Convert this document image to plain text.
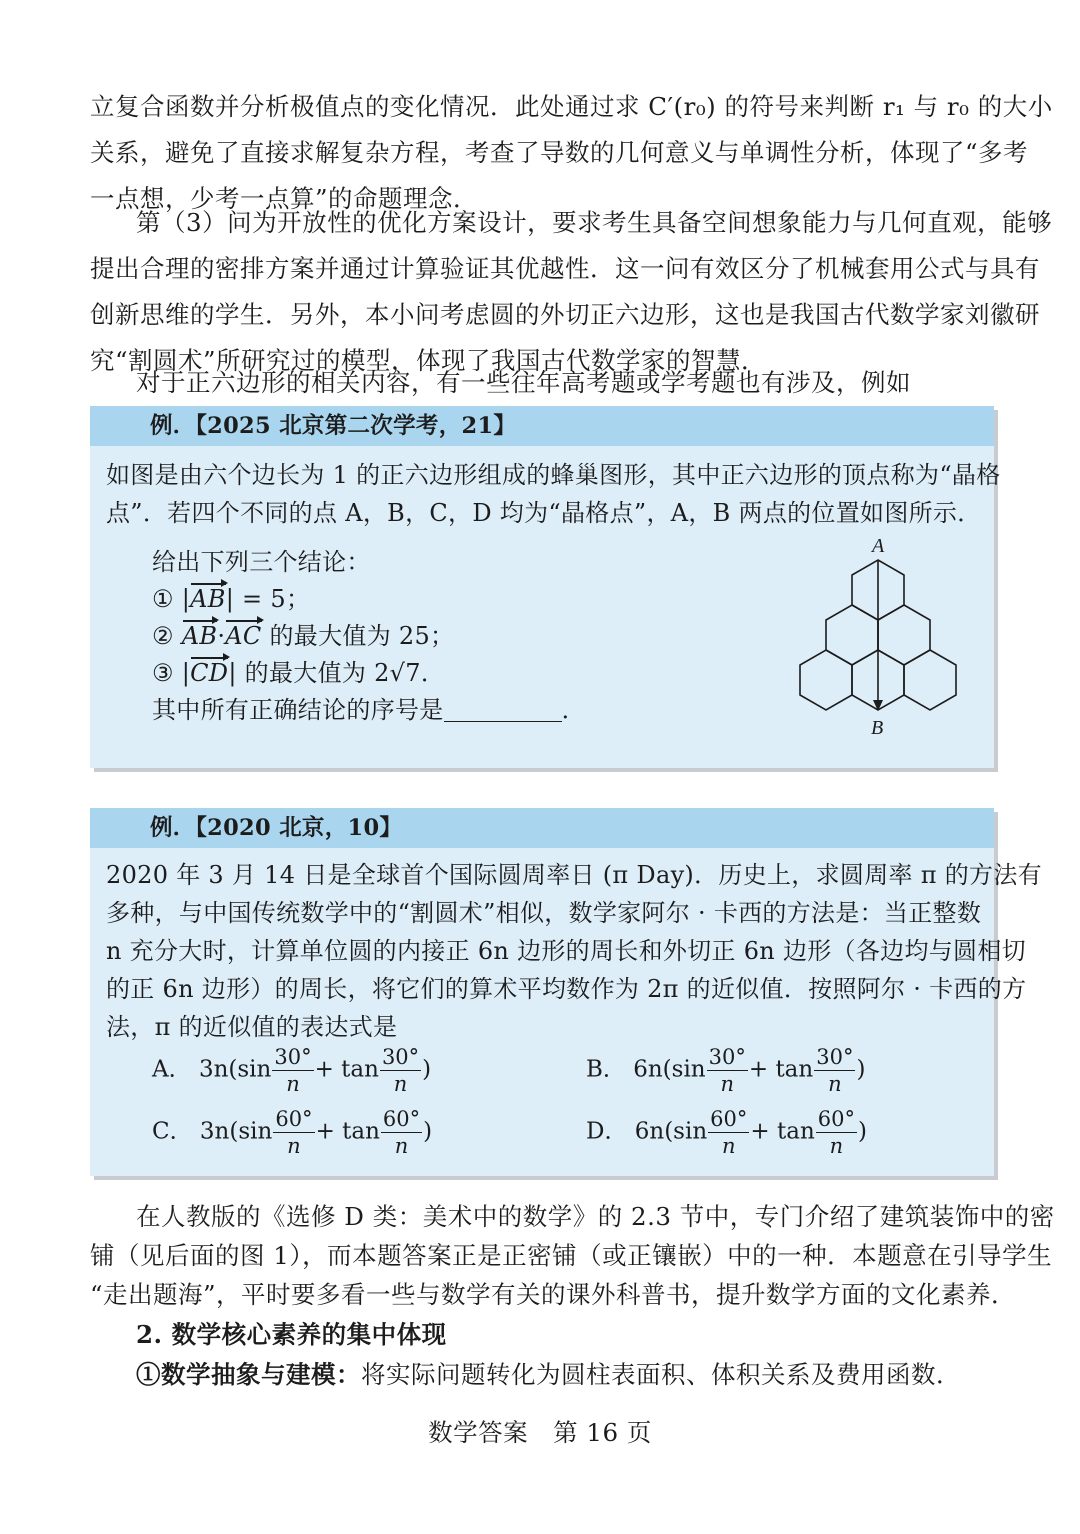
立复合函数并分析极值点的变化情况．此处通过求 C′(r₀) 的符号来判断 r₁ 与 r₀ 的大小
关系，避免了直接求解复杂方程，考查了导数的几何意义与单调性分析，体现了“多考
一点想，少考一点算”的命题理念．
第（3）问为开放性的优化方案设计，要求考生具备空间想象能力与几何直观，能够
提出合理的密排方案并通过计算验证其优越性．这一问有效区分了机械套用公式与具有
创新思维的学生．另外，本小问考虑圆的外切正六边形，这也是我国古代数学家刘徽研
究“割圆术”所研究过的模型，体现了我国古代数学家的智慧．
对于正六边形的相关内容，有一些往年高考题或学考题也有涉及，例如
例．【2025 北京第二次学考，21】
如图是由六个边长为 1 的正六边形组成的蜂巢图形，其中正六边形的顶点称为“晶格
点”．若四个不同的点 A，B，C，D 均为“晶格点”，A，B 两点的位置如图所示．
给出下列三个结论：
① |AB| = 5；
② AB·AC 的最大值为 25；
③ |CD| 的最大值为 2√7．
其中所有正确结论的序号是	．
A
B
例．【2020 北京，10】
2020 年 3 月 14 日是全球首个国际圆周率日 (π Day)．历史上，求圆周率 π 的方法有
多种，与中国传统数学中的“割圆术”相似，数学家阿尔 · 卡西的方法是：当正整数
n 充分大时，计算单位圆的内接正 6n 边形的周长和外切正 6n 边形（各边均与圆相切
的正 6n 边形）的周长，将它们的算术平均数作为 2π 的近似值．按照阿尔 · 卡西的方
法，π 的近似值的表达式是
A． $3n(\sin \frac{30^\circ}{n} + \tan \frac{30^\circ}{n}$ )	B． $6n(\sin \frac{30^\circ}{n} + \tan \frac{30^\circ}{n}$ )
C． $3n(\sin \frac{60^\circ}{n} + \tan \frac{60^\circ}{n}$ )	D． $6n(\sin \frac{60^\circ}{n} + \tan \frac{60^\circ}{n}$ )
在人教版的《选修 D 类：美术中的数学》的 2.3 节中，专门介绍了建筑装饰中的密
铺（见后面的图 1），而本题答案正是正密铺（或正镶嵌）中的一种．本题意在引导学生
“走出题海”，平时要多看一些与数学有关的课外科普书，提升数学方面的文化素养．
2. 数学核心素养的集中体现
①数学抽象与建模：将实际问题转化为圆柱表面积、体积关系及费用函数．
数学答案　第 16 页
